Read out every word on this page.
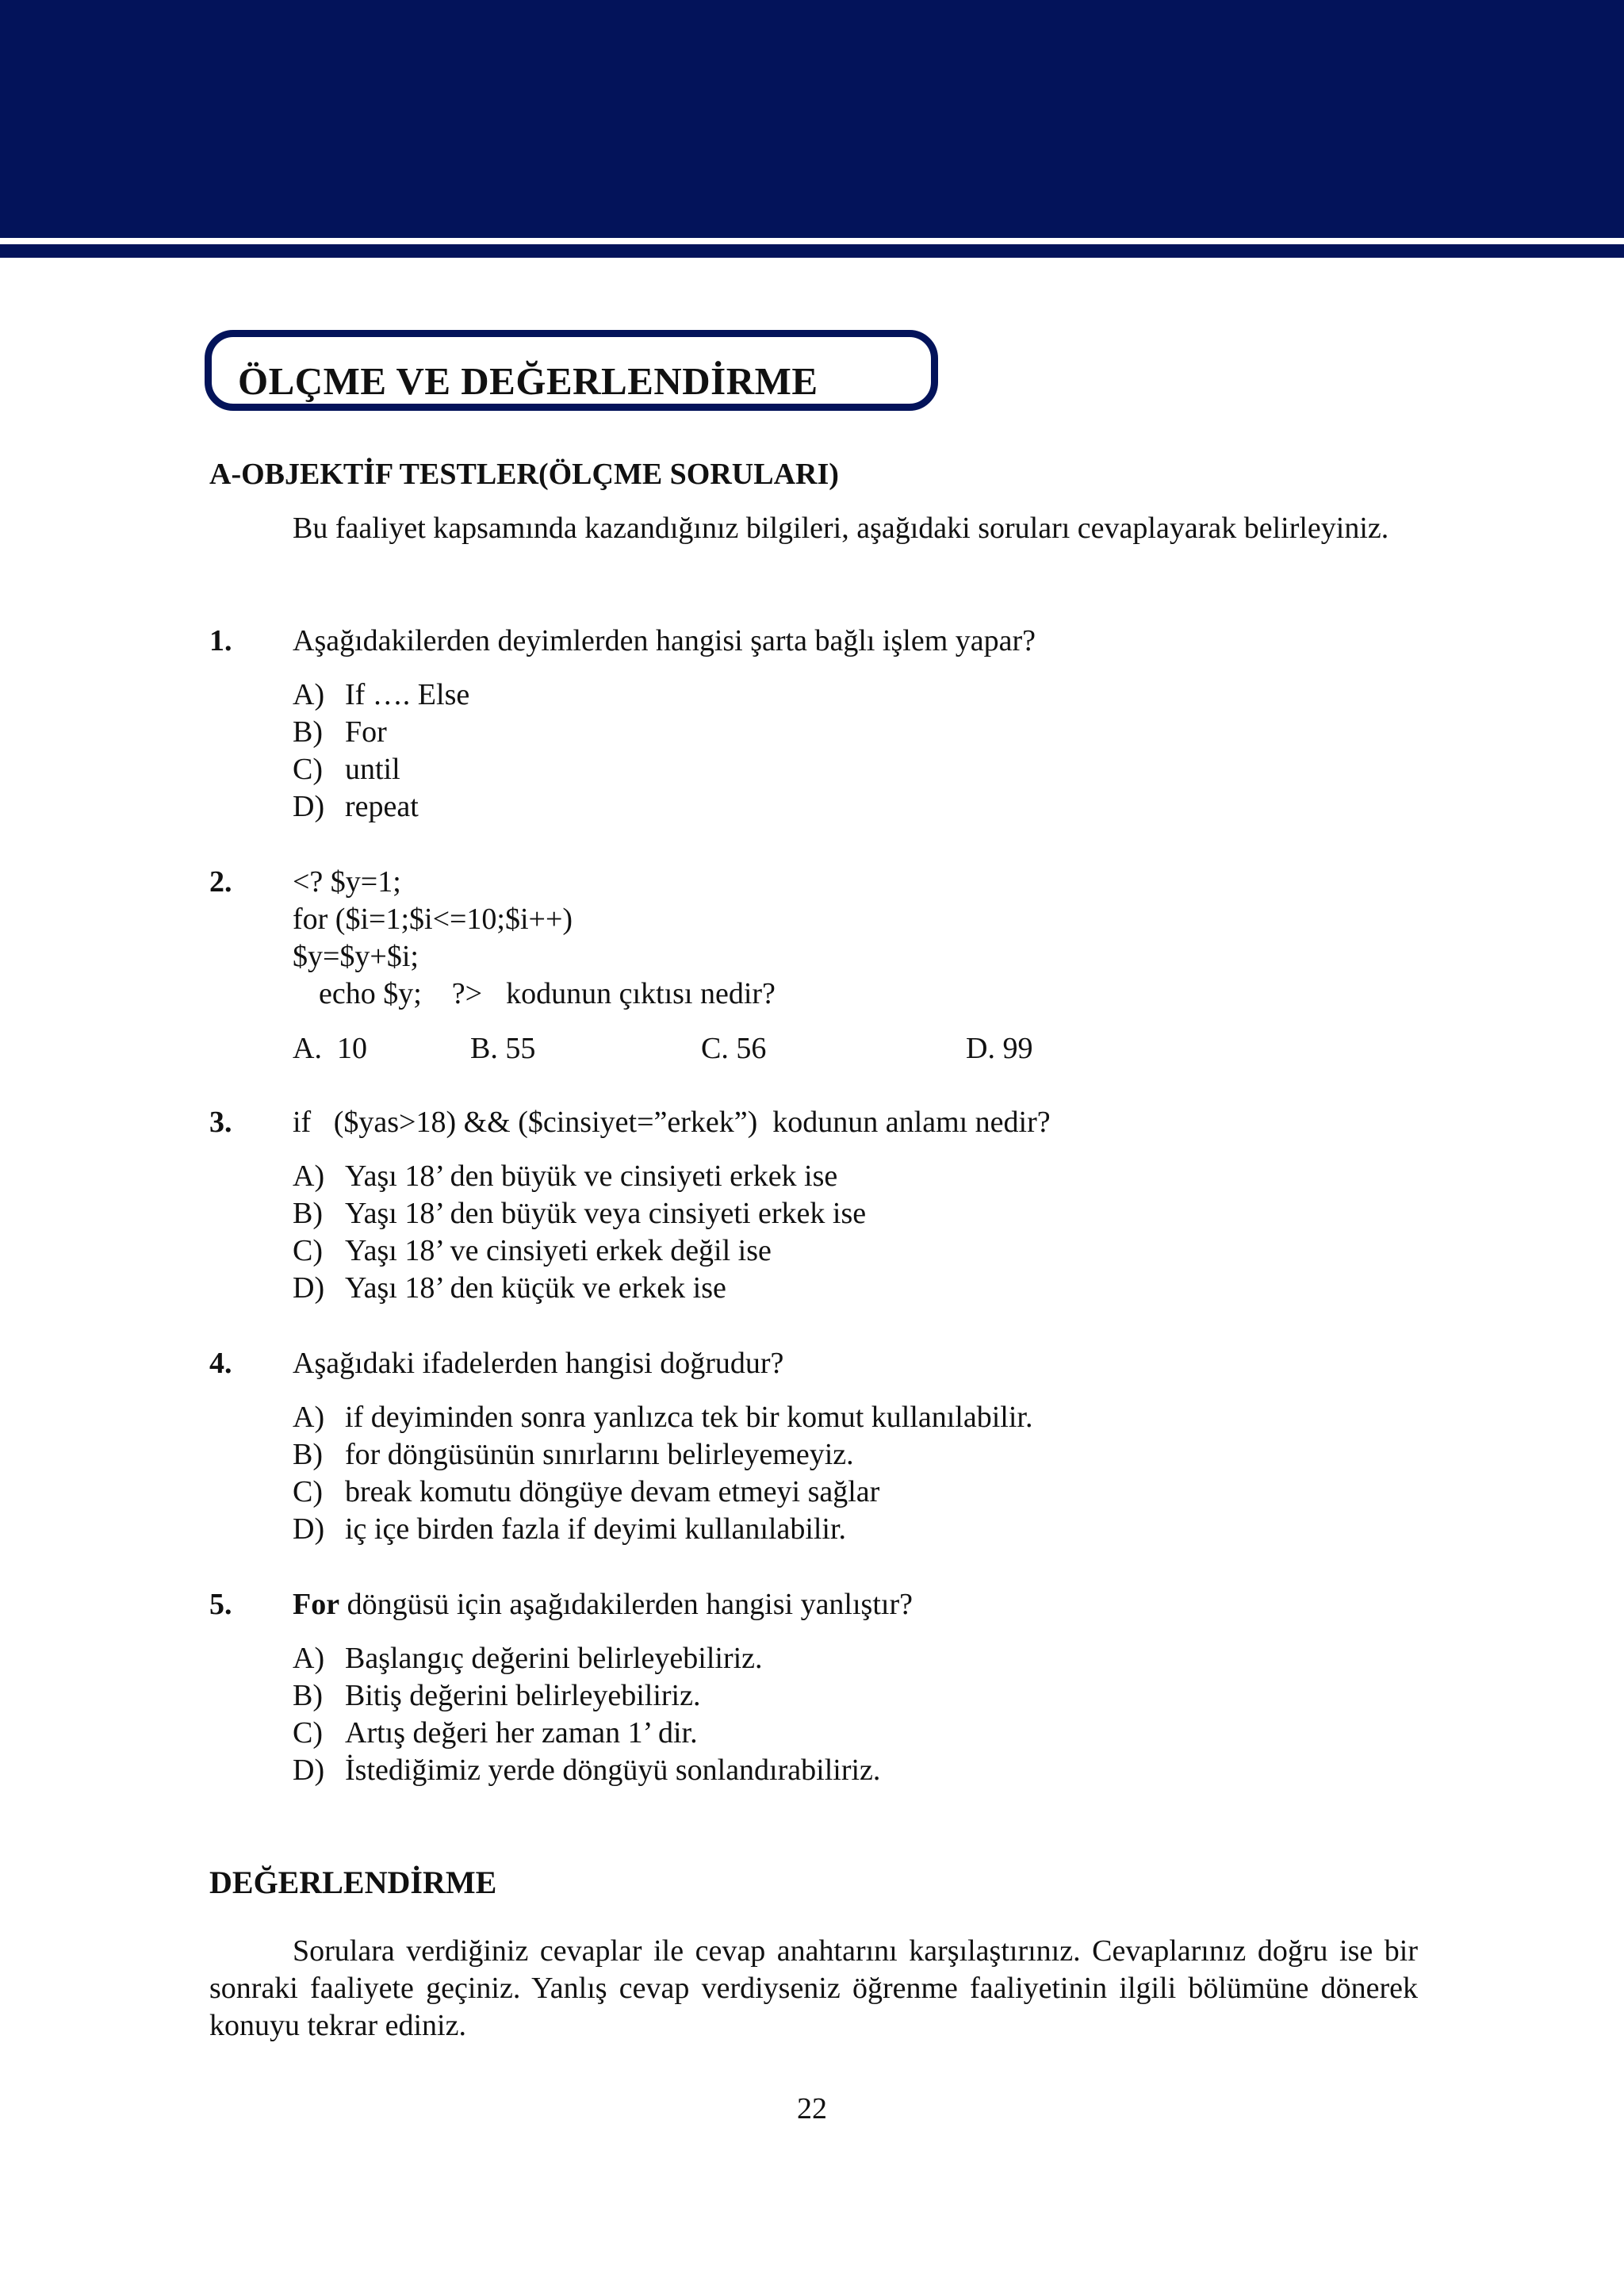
ÖLÇME VE DEĞERLENDİRME
A-OBJEKTİF TESTLER(ÖLÇME SORULARI)

Bu faaliyet kapsamında kazandığınız bilgileri, aşağıdaki soruları cevaplayarak belirleyiniz.

1. Aşağıdakilerden deyimlerden hangisi şarta bağlı işlem yapar?
A) If …. Else
B) For
C) until
D) repeat
2. <? $y=1;
for ($i=1;$i<=10;$i++)
$y=$y+$i;
echo $y;    ?> kodunun çıktısı nedir?
A.  10	B. 55	C. 56	D. 99
3. if   ($yas>18) && ($cinsiyet=”erkek”)  kodunun anlamı nedir?
A) Yaşı 18’ den büyük ve cinsiyeti erkek ise
B) Yaşı 18’ den büyük veya cinsiyeti erkek ise
C) Yaşı 18’ ve cinsiyeti erkek değil ise
D) Yaşı 18’ den küçük ve erkek ise
4. Aşağıdaki ifadelerden hangisi doğrudur?
A) if deyiminden sonra yanlızca tek bir komut kullanılabilir.
B) for döngüsünün sınırlarını belirleyemeyiz.
C) break komutu döngüye devam etmeyi sağlar
D) iç içe birden fazla if deyimi kullanılabilir.
5. For döngüsü için aşağıdakilerden hangisi yanlıştır?
A) Başlangıç değerini belirleyebiliriz.
B) Bitiş değerini belirleyebiliriz.
C) Artış değeri her zaman 1’ dir.
D) İstediğimiz yerde döngüyü sonlandırabiliriz.
DEĞERLENDİRME

Sorulara verdiğiniz cevaplar ile cevap anahtarını karşılaştırınız. Cevaplarınız doğru ise bir sonraki faaliyete geçiniz. Yanlış cevap verdiyseniz öğrenme faaliyetinin ilgili bölümüne dönerek konuyu tekrar ediniz.

22
